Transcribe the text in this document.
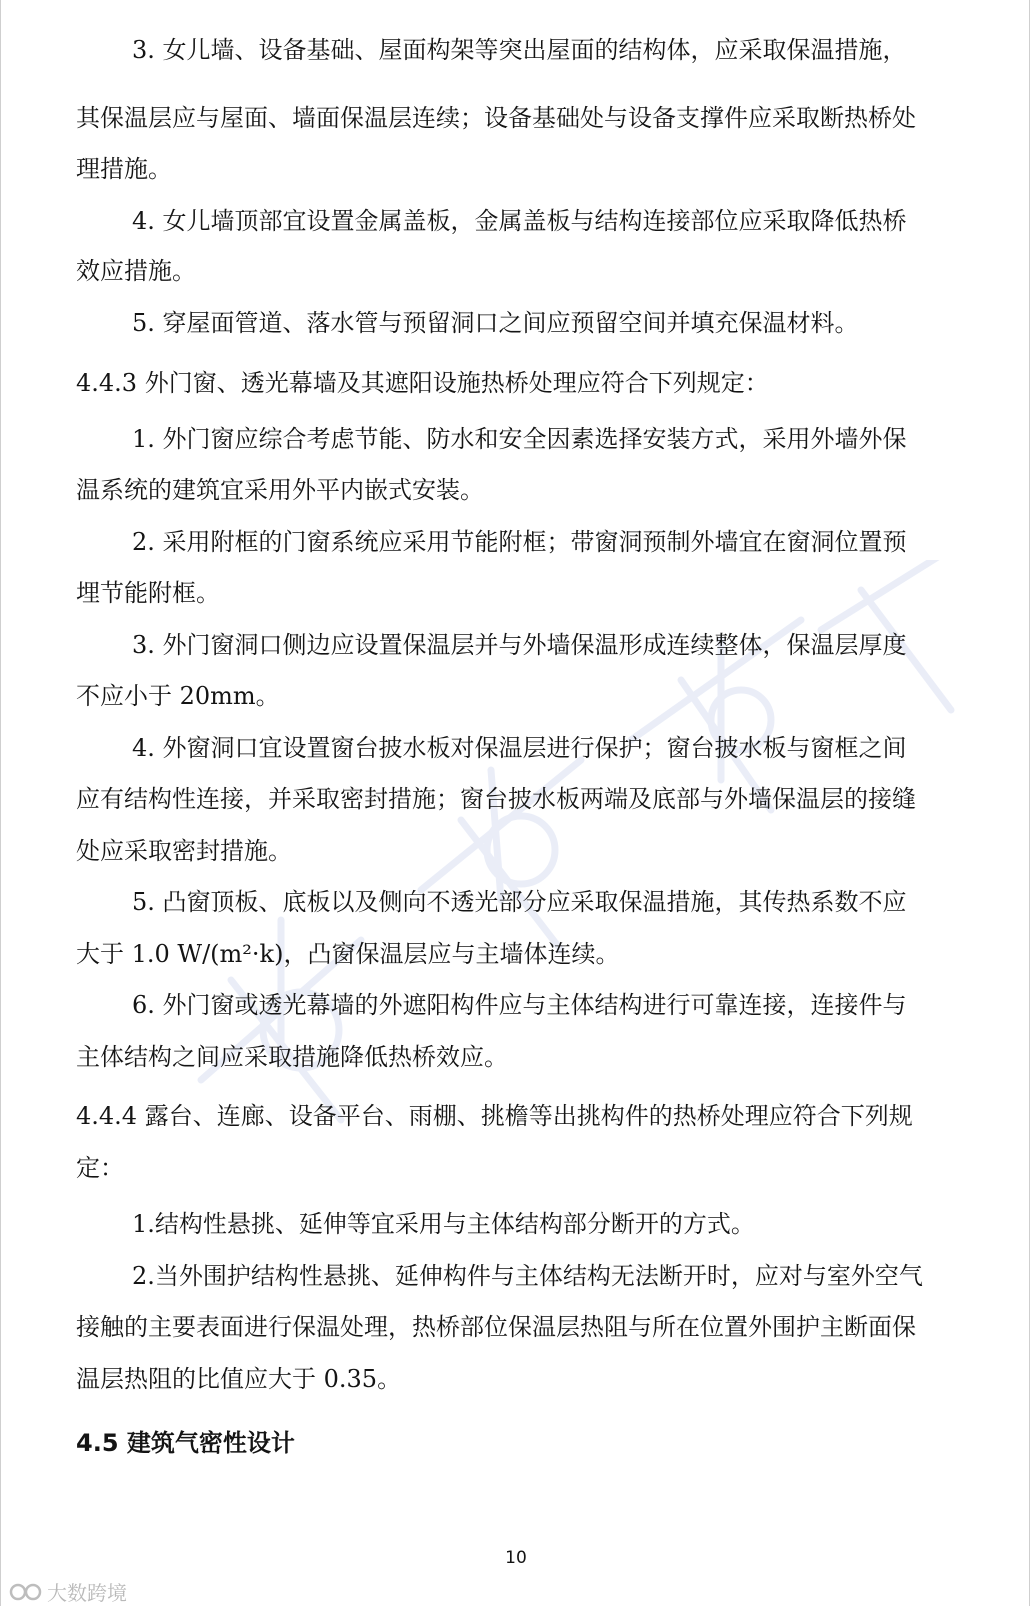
3. 女儿墙、设备基础、屋面构架等突出屋面的结构体，应采取保温措施，
其保温层应与屋面、墙面保温层连续；设备基础处与设备支撑件应采取断热桥处
理措施。
4. 女儿墙顶部宜设置金属盖板，金属盖板与结构连接部位应采取降低热桥
效应措施。
5. 穿屋面管道、落水管与预留洞口之间应预留空间并填充保温材料。
4.4.3 外门窗、透光幕墙及其遮阳设施热桥处理应符合下列规定：
1. 外门窗应综合考虑节能、防水和安全因素选择安装方式，采用外墙外保
温系统的建筑宜采用外平内嵌式安装。
2. 采用附框的门窗系统应采用节能附框；带窗洞预制外墙宜在窗洞位置预
埋节能附框。
3. 外门窗洞口侧边应设置保温层并与外墙保温形成连续整体，保温层厚度
不应小于 20mm。
4. 外窗洞口宜设置窗台披水板对保温层进行保护；窗台披水板与窗框之间
应有结构性连接，并采取密封措施；窗台披水板两端及底部与外墙保温层的接缝
处应采取密封措施。
5. 凸窗顶板、底板以及侧向不透光部分应采取保温措施，其传热系数不应
大于 1.0 W/(m²·k)，凸窗保温层应与主墙体连续。
6. 外门窗或透光幕墙的外遮阳构件应与主体结构进行可靠连接，连接件与
主体结构之间应采取措施降低热桥效应。
4.4.4 露台、连廊、设备平台、雨棚、挑檐等出挑构件的热桥处理应符合下列规
定：
1.结构性悬挑、延伸等宜采用与主体结构部分断开的方式。
2.当外围护结构性悬挑、延伸构件与主体结构无法断开时，应对与室外空气
接触的主要表面进行保温处理，热桥部位保温层热阻与所在位置外围护主断面保
温层热阻的比值应大于 0.35。
4.5 建筑气密性设计
10
大数跨境
